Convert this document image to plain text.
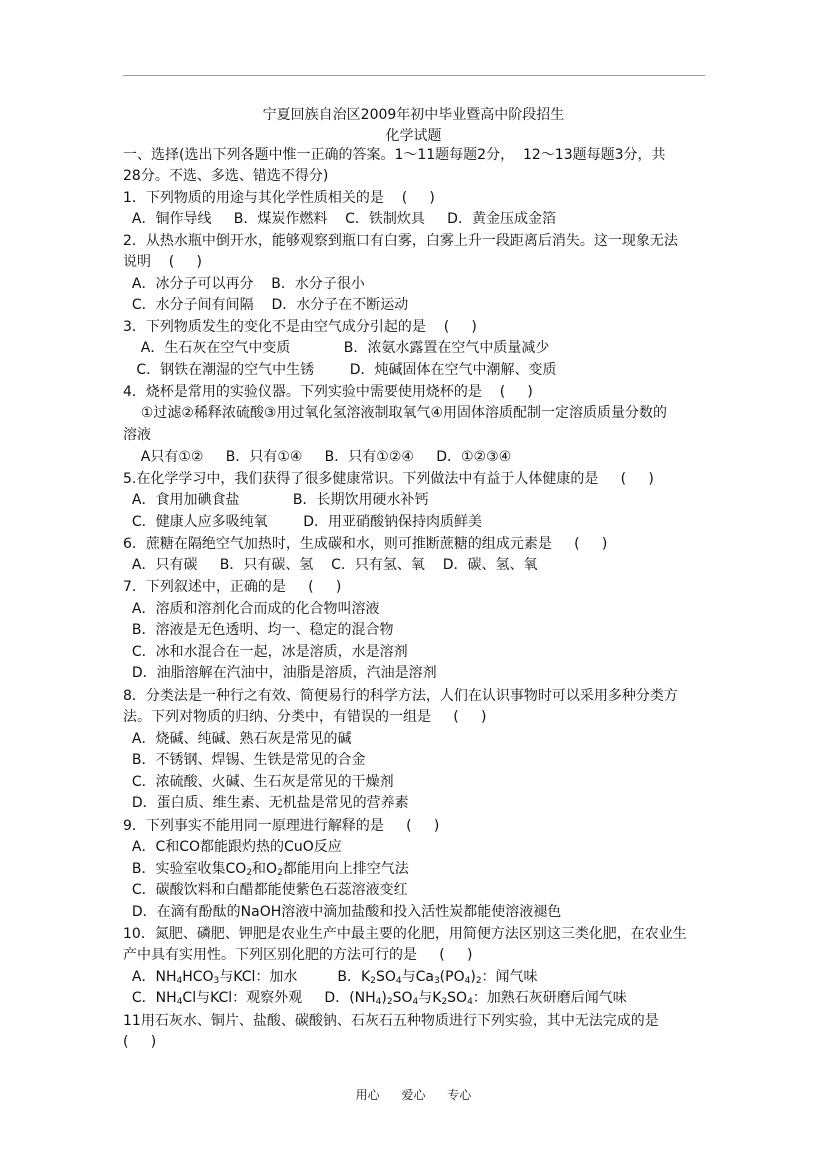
宁夏回族自治区2009年初中毕业暨高中阶段招生
化学试题
一、选择(选出下列各题中惟一正确的答案。1～11题每题2分，  12～13题每题3分，共
28分。不选、多选、错选不得分)
1．下列物质的用途与其化学性质相关的是    (     )
A．铜作导线     B．煤炭作燃料    C．铁制炊具     D．黄金压成金箔
2．从热水瓶中倒开水，能够观察到瓶口有白雾，白雾上升一段距离后消失。这一现象无法
说明    (     )
A．冰分子可以再分    B．水分子很小
C．水分子间有间隔    D．水分子在不断运动
3．下列物质发生的变化不是由空气成分引起的是    (     )
A．生石灰在空气中变质            B．浓氨水露置在空气中质量减少
C．钢铁在潮湿的空气中生锈        D．炖碱固体在空气中潮解、变质
4．烧杯是常用的实验仪器。下列实验中需要使用烧杯的是    (     )
①过滤②稀释浓硫酸③用过氧化氢溶液制取氧气④用固体溶质配制一定溶质质量分数的
溶液
A只有①②     B．只有①④     B．只有①②④     D．①②③④
5.在化学学习中，我们获得了很多健康常识。下列做法中有益于人体健康的是     (     )
A．食用加碘食盐            B．长期饮用硬水补钙
C．健康人应多吸纯氧        D．用亚硝酸钠保持肉质鲜美
6．蔗糖在隔绝空气加热时，生成碳和水，则可推断蔗糖的组成元素是     (     )
A．只有碳     B．只有碳、氢    C．只有氢、氧    D．碳、氢、氧
7．下列叙述中，正确的是     (     )
A．溶质和溶剂化合而成的化合物叫溶液
B．溶液是无色透明、均一、稳定的混合物
C．冰和水混合在一起，冰是溶质，水是溶剂
D．油脂溶解在汽油中，油脂是溶质，汽油是溶剂
8．分类法是一种行之有效、简便易行的科学方法，人们在认识事物时可以采用多种分类方
法。下列对物质的归纳、分类中，有错误的一组是     (     )
A．烧碱、纯碱、熟石灰是常见的碱
B．不锈钢、焊锡、生铁是常见的合金
C．浓硫酸、火碱、生石灰是常见的干燥剂
D．蛋白质、维生素、无机盐是常见的营养素
9．下列事实不能用同一原理进行解释的是     (     )
A．C和CO都能跟灼热的CuO反应
B．实验室收集$CO_2$和$O_2$都能用向上排空气法
C．碳酸饮料和白醋都能使紫色石蕊溶液变红
D．在滴有酚酞的NaOH溶液中滴加盐酸和投入活性炭都能使溶液褪色
10．氮肥、磷肥、钾肥是农业生产中最主要的化肥，用简便方法区别这三类化肥，在农业生
产中具有实用性。下列区别化肥的方法可行的是     (     )
A．$NH_4HCO_3$与KCl：加水         B．$K_2SO_4$与$Ca_3(PO_4)_2$：闻气味
C．$NH_4Cl$与KCl：观察外观     D．$(NH_4)_2SO_4$与$K_2SO_4$：加熟石灰研磨后闻气味
11用石灰水、铜片、盐酸、碳酸钠、石灰石五种物质进行下列实验，其中无法完成的是
(     )
用心 爱心 专心
